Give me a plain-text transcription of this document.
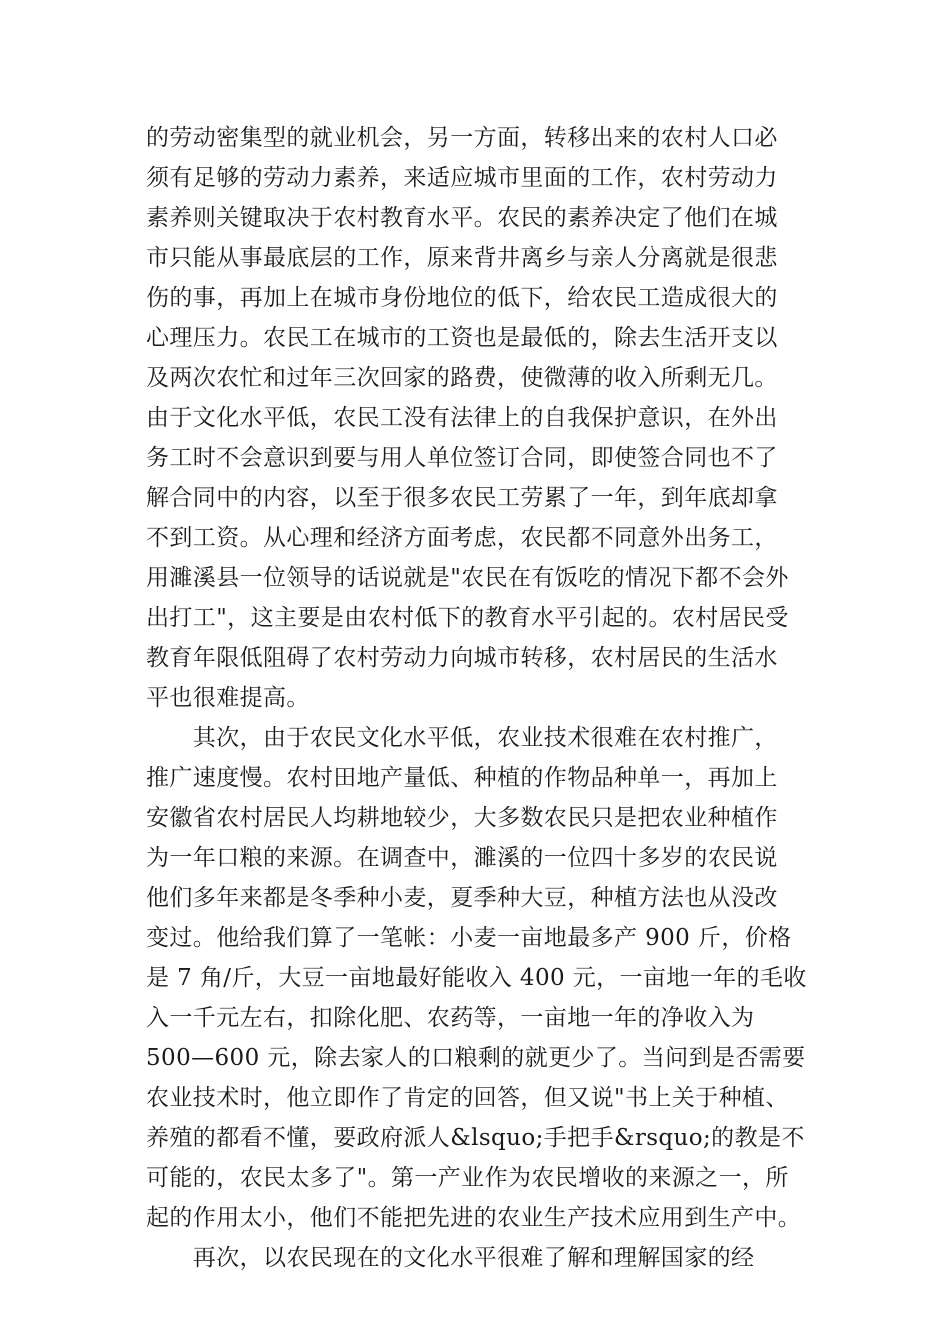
的劳动密集型的就业机会，另一方面，转移出来的农村人口必
须有足够的劳动力素养，来适应城市里面的工作，农村劳动力
素养则关键取决于农村教育水平。农民的素养决定了他们在城
市只能从事最底层的工作，原来背井离乡与亲人分离就是很悲
伤的事，再加上在城市身份地位的低下，给农民工造成很大的
心理压力。农民工在城市的工资也是最低的，除去生活开支以
及两次农忙和过年三次回家的路费，使微薄的收入所剩无几。
由于文化水平低，农民工没有法律上的自我保护意识，在外出
务工时不会意识到要与用人单位签订合同，即使签合同也不了
解合同中的内容，以至于很多农民工劳累了一年，到年底却拿
不到工资。从心理和经济方面考虑，农民都不同意外出务工，
用濉溪县一位领导的话说就是"农民在有饭吃的情况下都不会外
出打工"，这主要是由农村低下的教育水平引起的。农村居民受
教育年限低阻碍了农村劳动力向城市转移，农村居民的生活水
平也很难提高。
　　其次，由于农民文化水平低，农业技术很难在农村推广，
推广速度慢。农村田地产量低、种植的作物品种单一，再加上
安徽省农村居民人均耕地较少，大多数农民只是把农业种植作
为一年口粮的来源。在调查中，濉溪的一位四十多岁的农民说
他们多年来都是冬季种小麦，夏季种大豆，种植方法也从没改
变过。他给我们算了一笔帐：小麦一亩地最多产 900 斤，价格
是 7 角/斤，大豆一亩地最好能收入 400 元，一亩地一年的毛收
入一千元左右，扣除化肥、农药等，一亩地一年的净收入为
500—600 元，除去家人的口粮剩的就更少了。当问到是否需要
农业技术时，他立即作了肯定的回答，但又说"书上关于种植、
养殖的都看不懂，要政府派人&lsquo;手把手&rsquo;的教是不
可能的，农民太多了"。第一产业作为农民增收的来源之一，所
起的作用太小，他们不能把先进的农业生产技术应用到生产中。
　　再次，以农民现在的文化水平很难了解和理解国家的经
